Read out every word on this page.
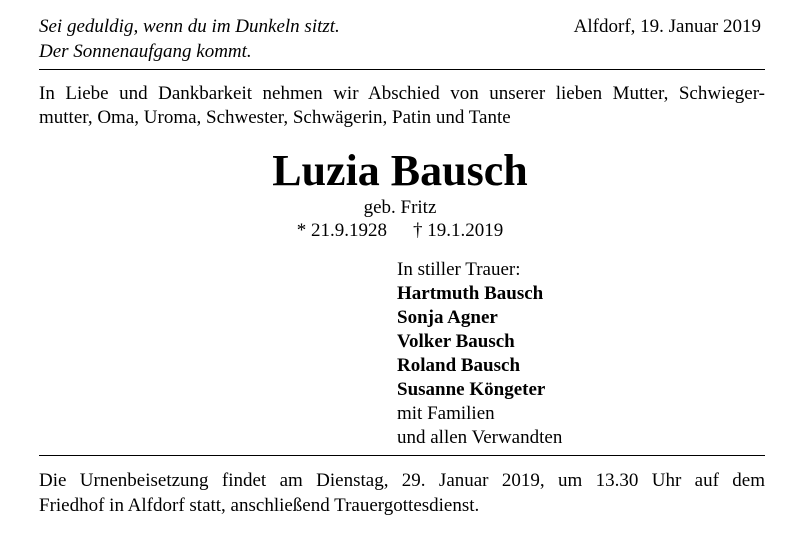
Sei geduldig, wenn du im Dunkeln sitzt.
Der Sonnenaufgang kommt.
Alfdorf, 19. Januar 2019
In Liebe und Dankbarkeit nehmen wir Abschied von unserer lieben Mutter, Schwieger-
mutter, Oma, Uroma, Schwester, Schwägerin, Patin und Tante
Luzia Bausch
geb. Fritz
* 21.9.1928 † 19.1.2019
In stiller Trauer:
Hartmuth Bausch
Sonja Agner
Volker Bausch
Roland Bausch
Susanne Köngeter
mit Familien
und allen Verwandten
Die Urnenbeisetzung findet am Dienstag, 29. Januar 2019, um 13.30 Uhr auf dem
Friedhof in Alfdorf statt, anschließend Trauergottesdienst.
